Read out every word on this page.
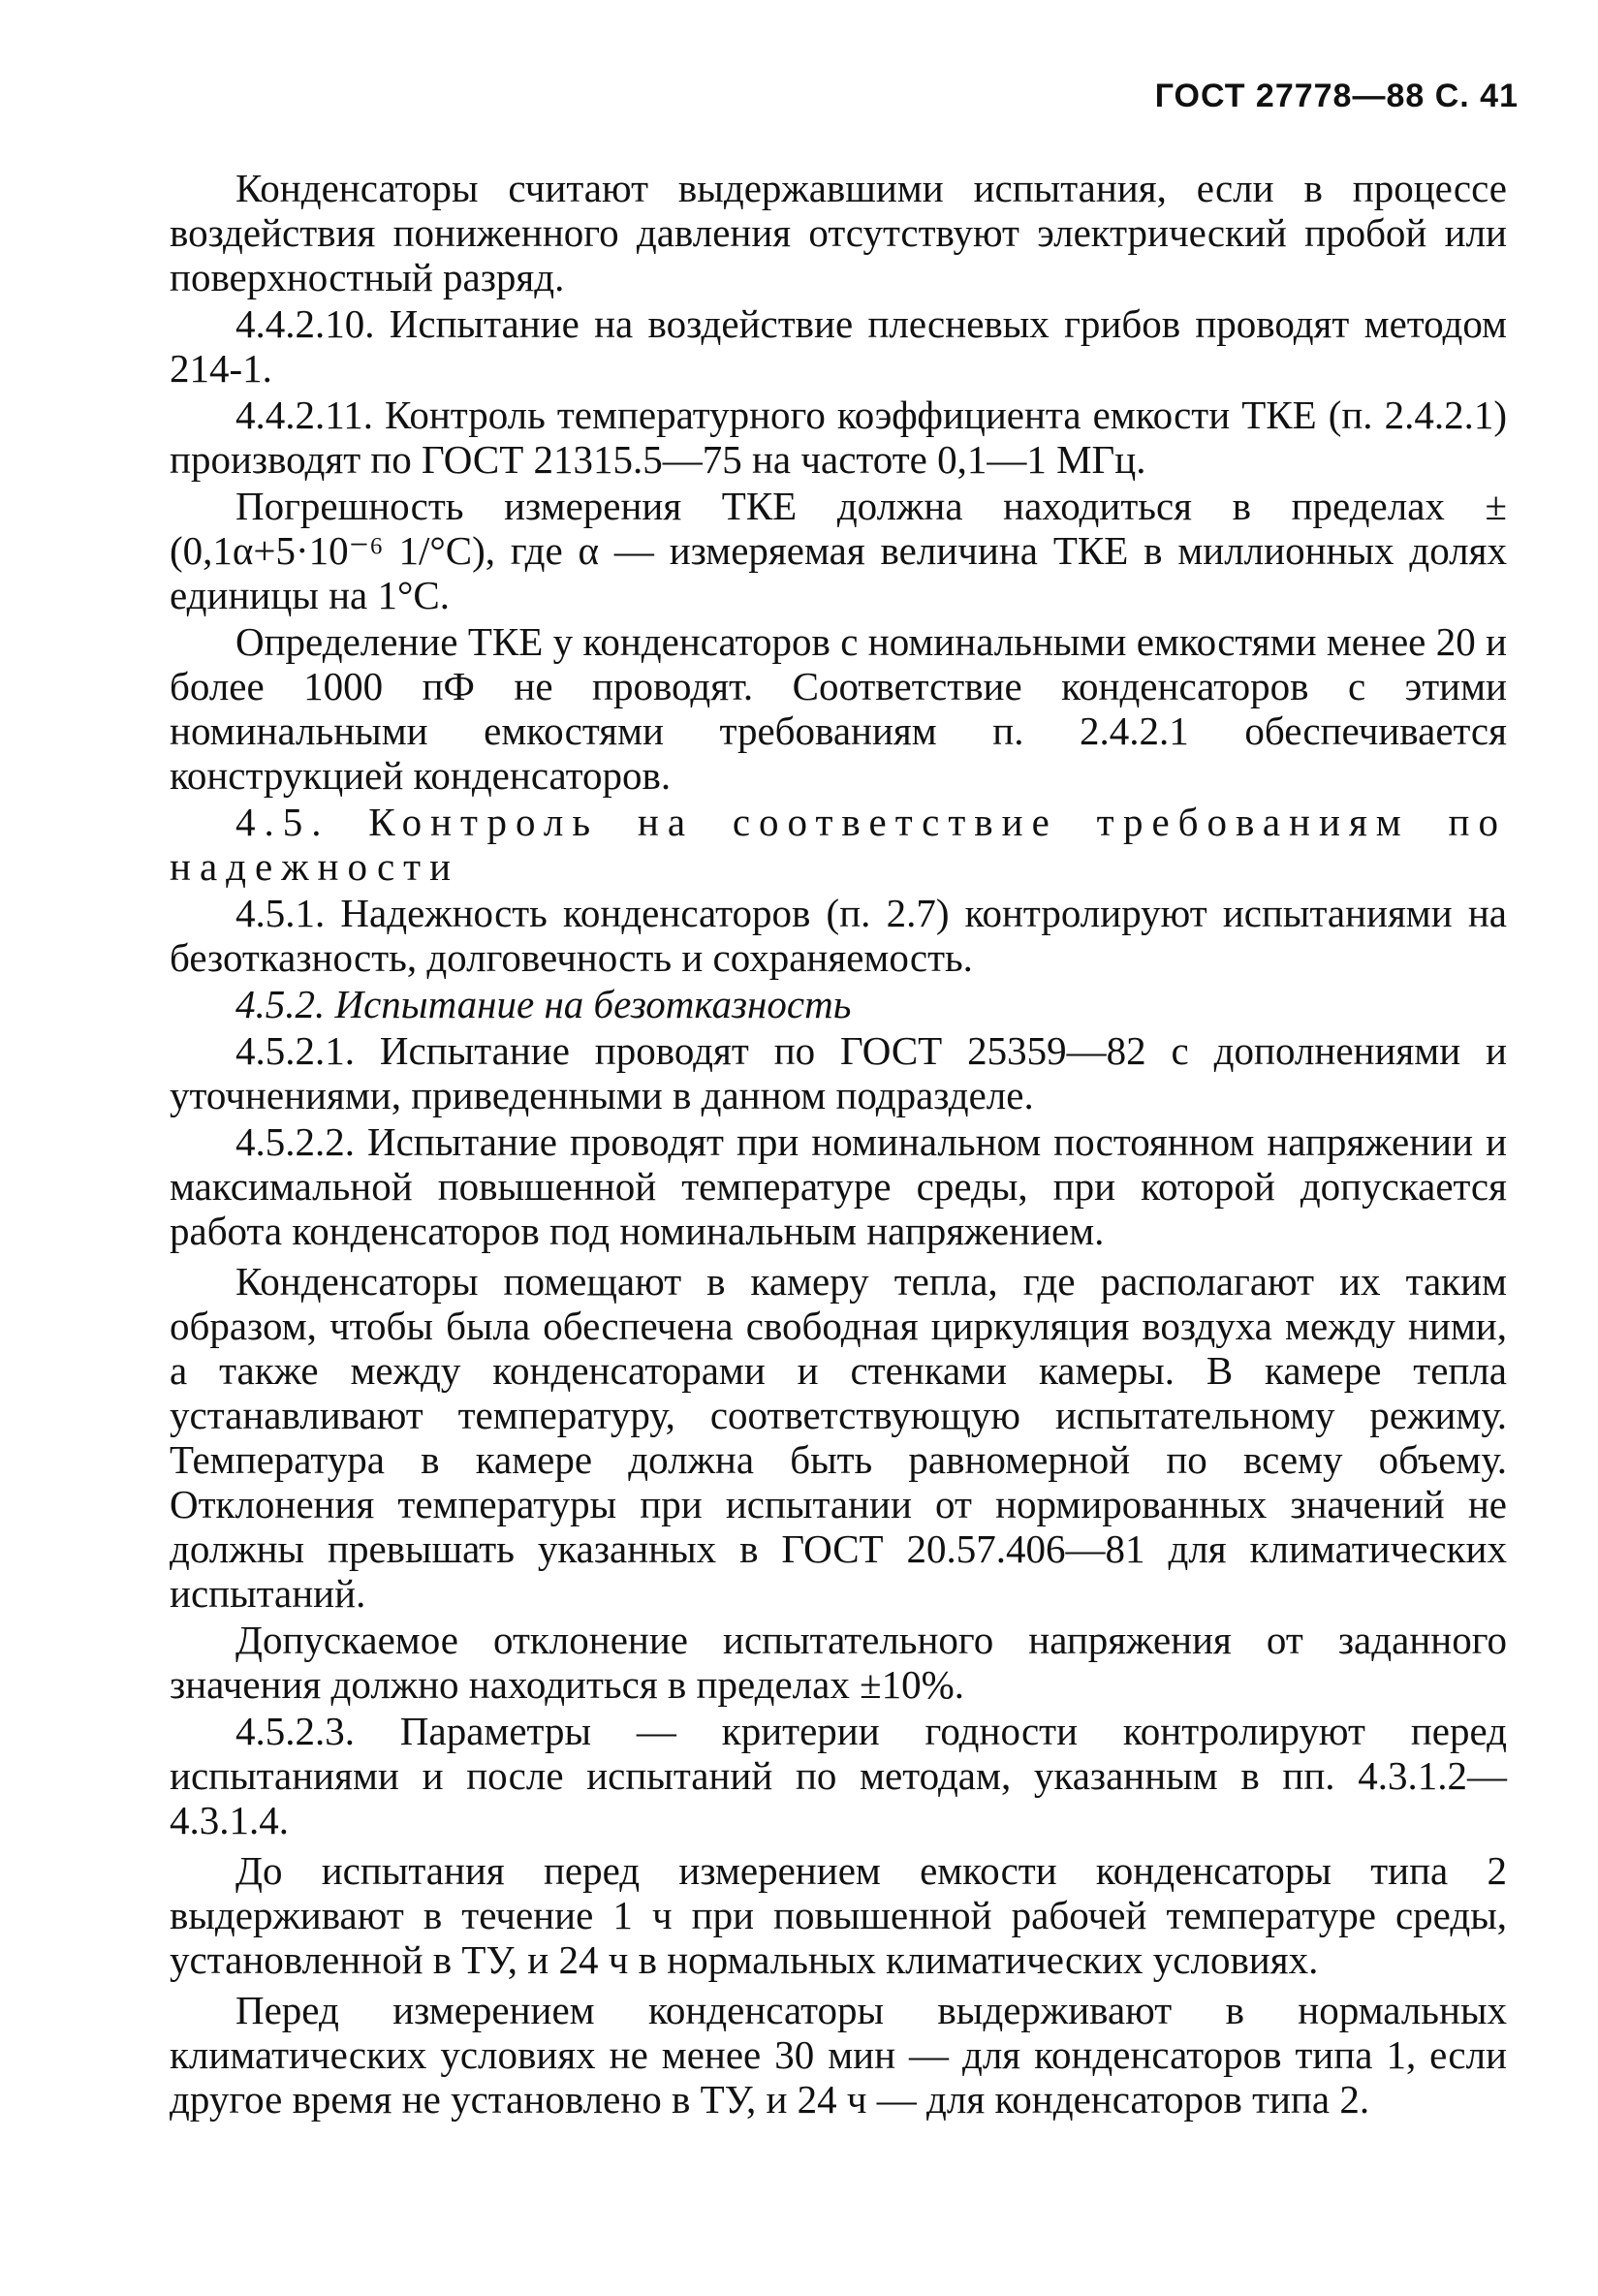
ГОСТ 27778—88 С. 41

Конденсаторы считают выдержавшими испытания, если в процессе воздействия пониженного давления отсутствуют электрический пробой или поверхностный разряд.

4.4.2.10. Испытание на воздействие плесневых грибов проводят методом 214-1.

4.4.2.11. Контроль температурного коэффициента емкости ТКЕ (п. 2.4.2.1) производят по ГОСТ 21315.5—75 на частоте 0,1—1 МГц.

Погрешность измерения ТКЕ должна находиться в пределах ±(0,1α+5·10⁻⁶ 1/°С), где α — измеряемая величина ТКЕ в миллионных долях единицы на 1°С.

Определение ТКЕ у конденсаторов с номинальными емкостями менее 20 и более 1000 пФ не проводят. Соответствие конденсаторов с этими номинальными емкостями требованиям п. 2.4.2.1 обеспечивается конструкцией конденсаторов.

4.5. Контроль на соответствие требованиям по надежности

4.5.1. Надежность конденсаторов (п. 2.7) контролируют испытаниями на безотказность, долговечность и сохраняемость.

4.5.2. Испытание на безотказность

4.5.2.1. Испытание проводят по ГОСТ 25359—82 с дополнениями и уточнениями, приведенными в данном подразделе.

4.5.2.2. Испытание проводят при номинальном постоянном напряжении и максимальной повышенной температуре среды, при которой допускается работа конденсаторов под номинальным напряжением.

Конденсаторы помещают в камеру тепла, где располагают их таким образом, чтобы была обеспечена свободная циркуляция воздуха между ними, а также между конденсаторами и стенками камеры. В камере тепла устанавливают температуру, соответствующую испытательному режиму. Температура в камере должна быть равномерной по всему объему. Отклонения температуры при испытании от нормированных значений не должны превышать указанных в ГОСТ 20.57.406—81 для климатических испытаний.

Допускаемое отклонение испытательного напряжения от заданного значения должно находиться в пределах ±10%.

4.5.2.3. Параметры — критерии годности контролируют перед испытаниями и после испытаний по методам, указанным в пп. 4.3.1.2—4.3.1.4.

До испытания перед измерением емкости конденсаторы типа 2 выдерживают в течение 1 ч при повышенной рабочей температуре среды, установленной в ТУ, и 24 ч в нормальных климатических условиях.

Перед измерением конденсаторы выдерживают в нормальных климатических условиях не менее 30 мин — для конденсаторов типа 1, если другое время не установлено в ТУ, и 24 ч — для конденсаторов типа 2.
